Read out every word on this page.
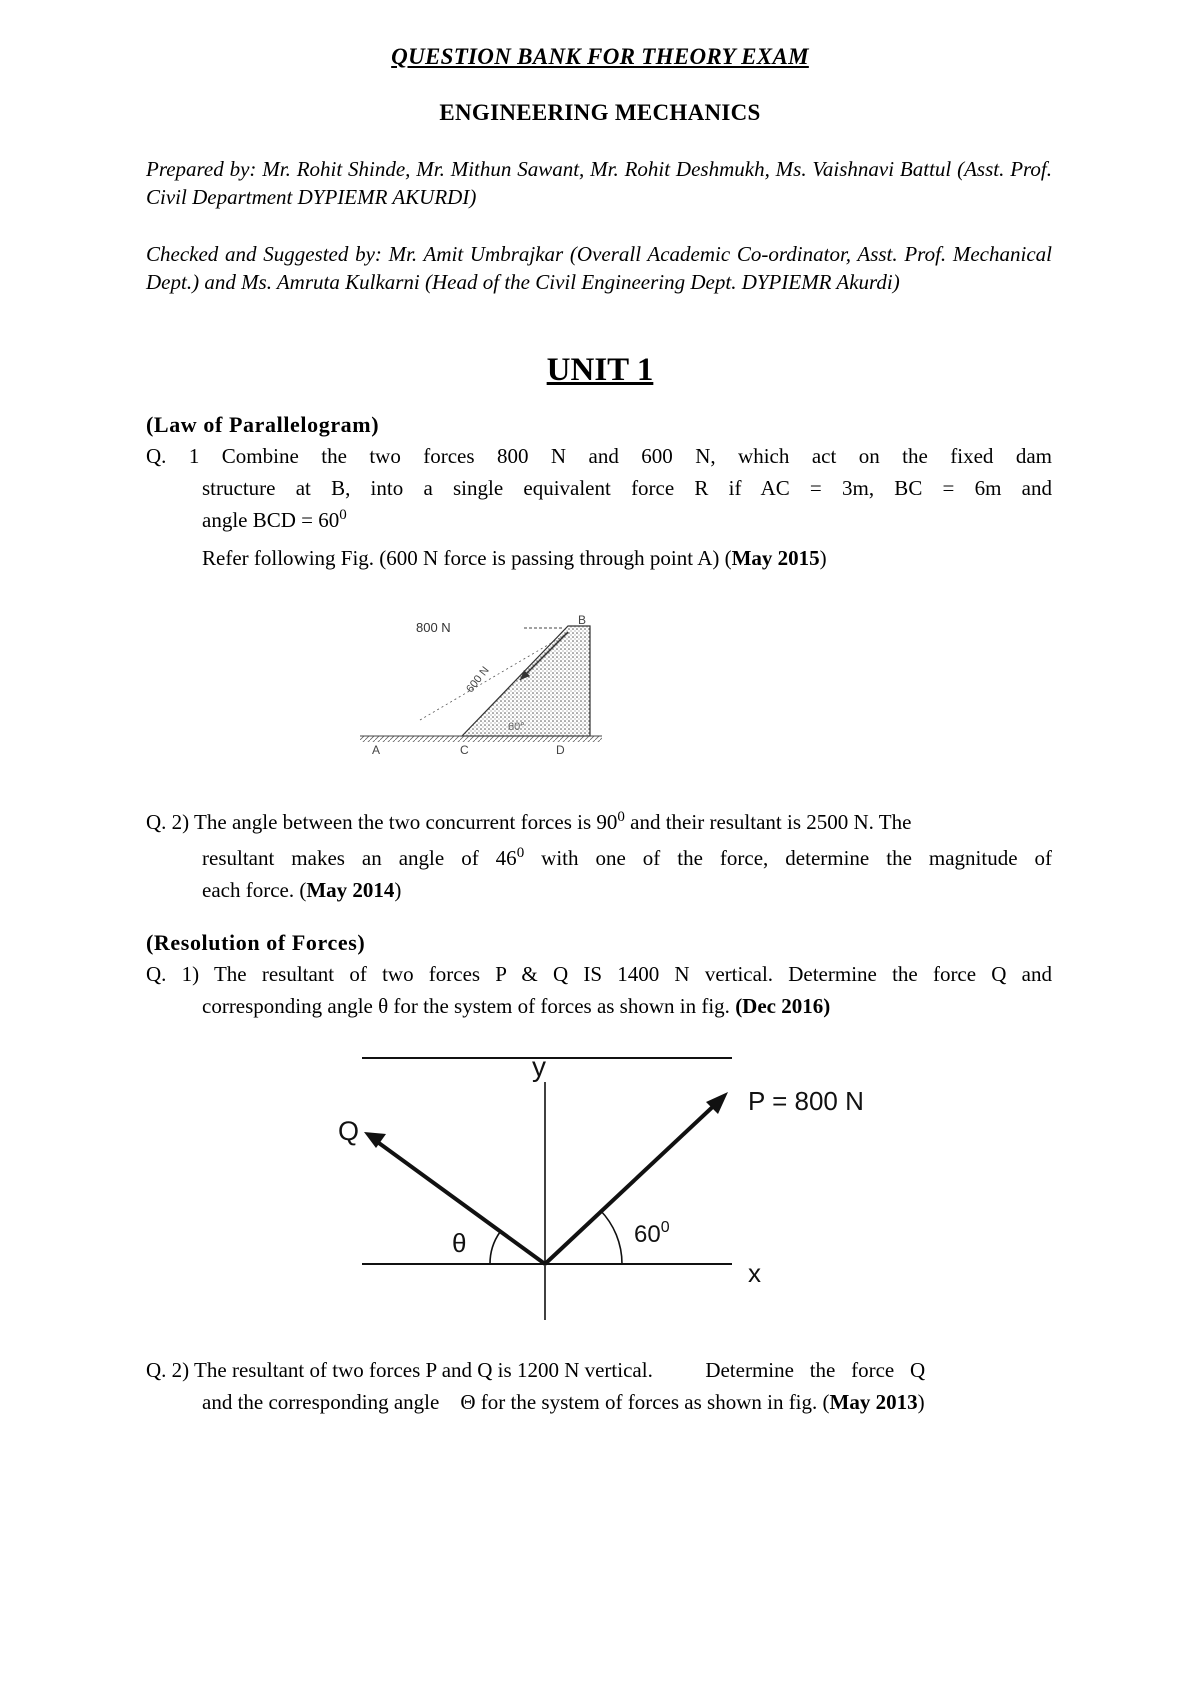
QUESTION BANK FOR THEORY EXAM
ENGINEERING MECHANICS
Prepared by: Mr. Rohit Shinde, Mr. Mithun Sawant, Mr. Rohit Deshmukh, Ms. Vaishnavi Battul (Asst. Prof. Civil Department DYPIEMR AKURDI)
Checked and Suggested by: Mr. Amit Umbrajkar (Overall Academic Co-ordinator, Asst. Prof. Mechanical Dept.) and Ms. Amruta Kulkarni (Head of the Civil Engineering Dept. DYPIEMR Akurdi)
UNIT 1
(Law of Parallelogram)
Q. 1 Combine the two forces 800 N and 600 N, which act on the fixed dam
structure at B, into a single equivalent force R if AC = 3m, BC = 6m and
angle BCD = $60^0$
Refer following Fig. (600 N force is passing through point A) (May 2015)
800 N
600 N
60°
A
B
C	D
Q. 2) The angle between the two concurrent forces is $90^0$ and their resultant is 2500 N. The
resultant makes an angle of $46^0$ with one of the force, determine the magnitude of
each force. (May 2014)
(Resolution of Forces)
Q. 1) The resultant of two forces P & Q IS 1400 N vertical. Determine the force Q and
corresponding angle θ for the system of forces as shown in fig. (Dec 2016)
y
x
P = 800 N
Q
θ	$60^0$
Q. 2) The resultant of two forces P and Q is 1200 N vertical.          Determine   the   force   Q
and the corresponding angle    Θ for the system of forces as shown in fig. (May 2013)
